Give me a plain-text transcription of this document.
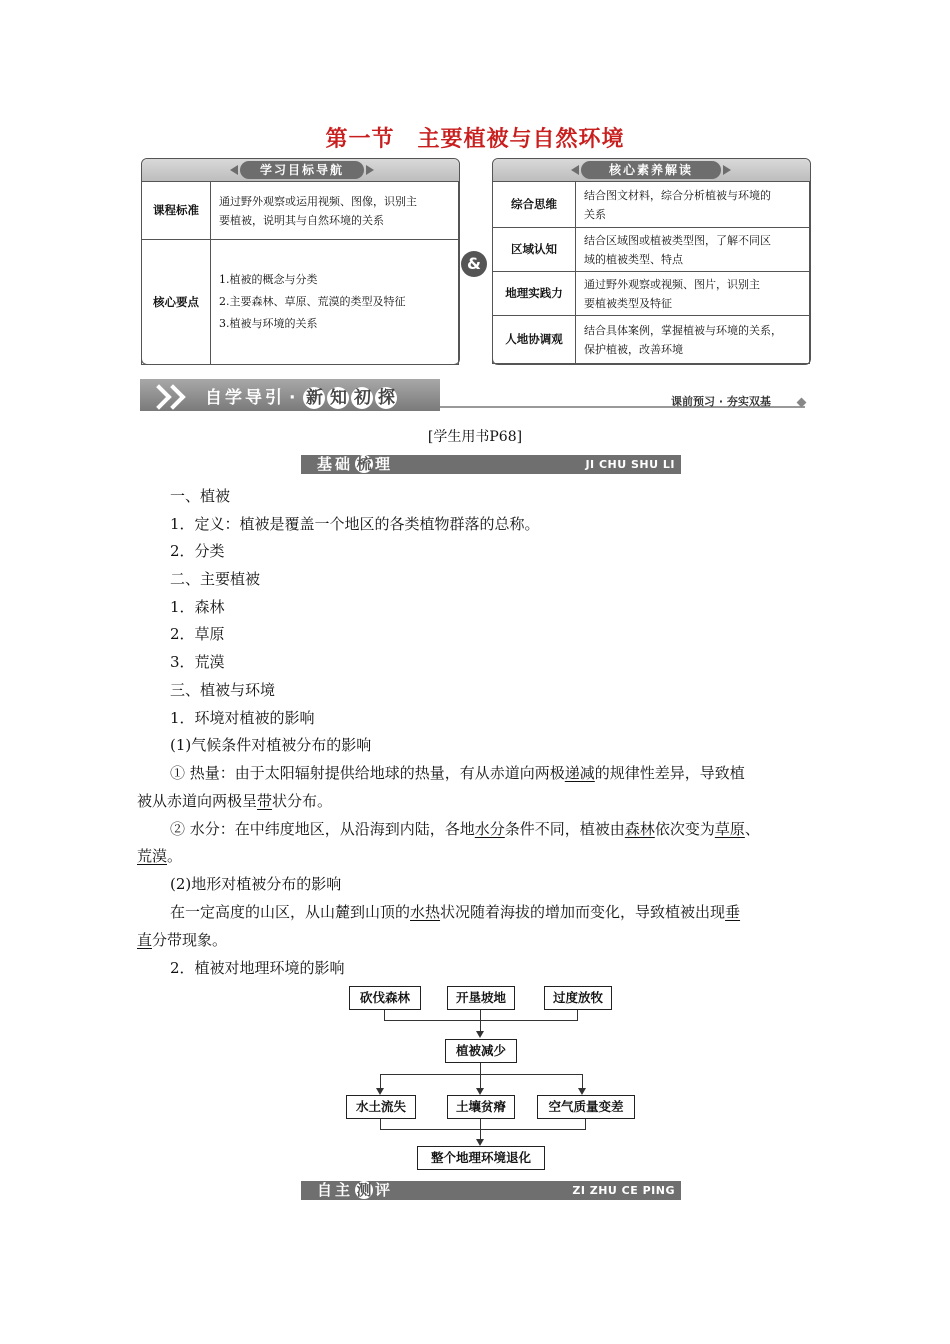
第一节　主要植被与自然环境
学习目标导航
课程标准	通过野外观察或运用视频、图像，识别主
要植被，说明其与自然环境的关系

核心要点	1.植被的概念与分类
2.主要森林、草原、荒漠的类型及特征
3.植被与环境的关系
&
核心素养解读
综合思维	结合图文材料，综合分析植被与环境的
关系

区域认知	结合区域图或植被类型图，了解不同区
域的植被类型、特点

地理实践力	通过野外观察或视频、图片，识别主
要植被类型及特征

人地协调观	结合具体案例，掌握植被与环境的关系，
保护植被，改善环境
自学导引 · 新 知 初 探	课前预习 · 夯实双基
[学生用书P68]
基础 梳 理	JI CHU SHU LI
一、植被
1．定义：植被是覆盖一个地区的各类植物群落的总称。
2．分类
二、主要植被
1．森林
2．草原
3．荒漠
三、植被与环境
1．环境对植被的影响
(1)气候条件对植被分布的影响
① 热量：由于太阳辐射提供给地球的热量，有从赤道向两极递减的规律性差异，导致植
被从赤道向两极呈带状分布。
② 水分：在中纬度地区，从沿海到内陆，各地水分条件不同，植被由森林依次变为草原、
荒漠。
(2)地形对植被分布的影响
在一定高度的山区，从山麓到山顶的水热状况随着海拔的增加而变化，导致植被出现垂
直分带现象。
2．植被对地理环境的影响
砍伐森林	开垦坡地	过度放牧
植被减少
水土流失	土壤贫瘠	空气质量变差
整个地理环境退化
自主 测 评	ZI ZHU CE PING
